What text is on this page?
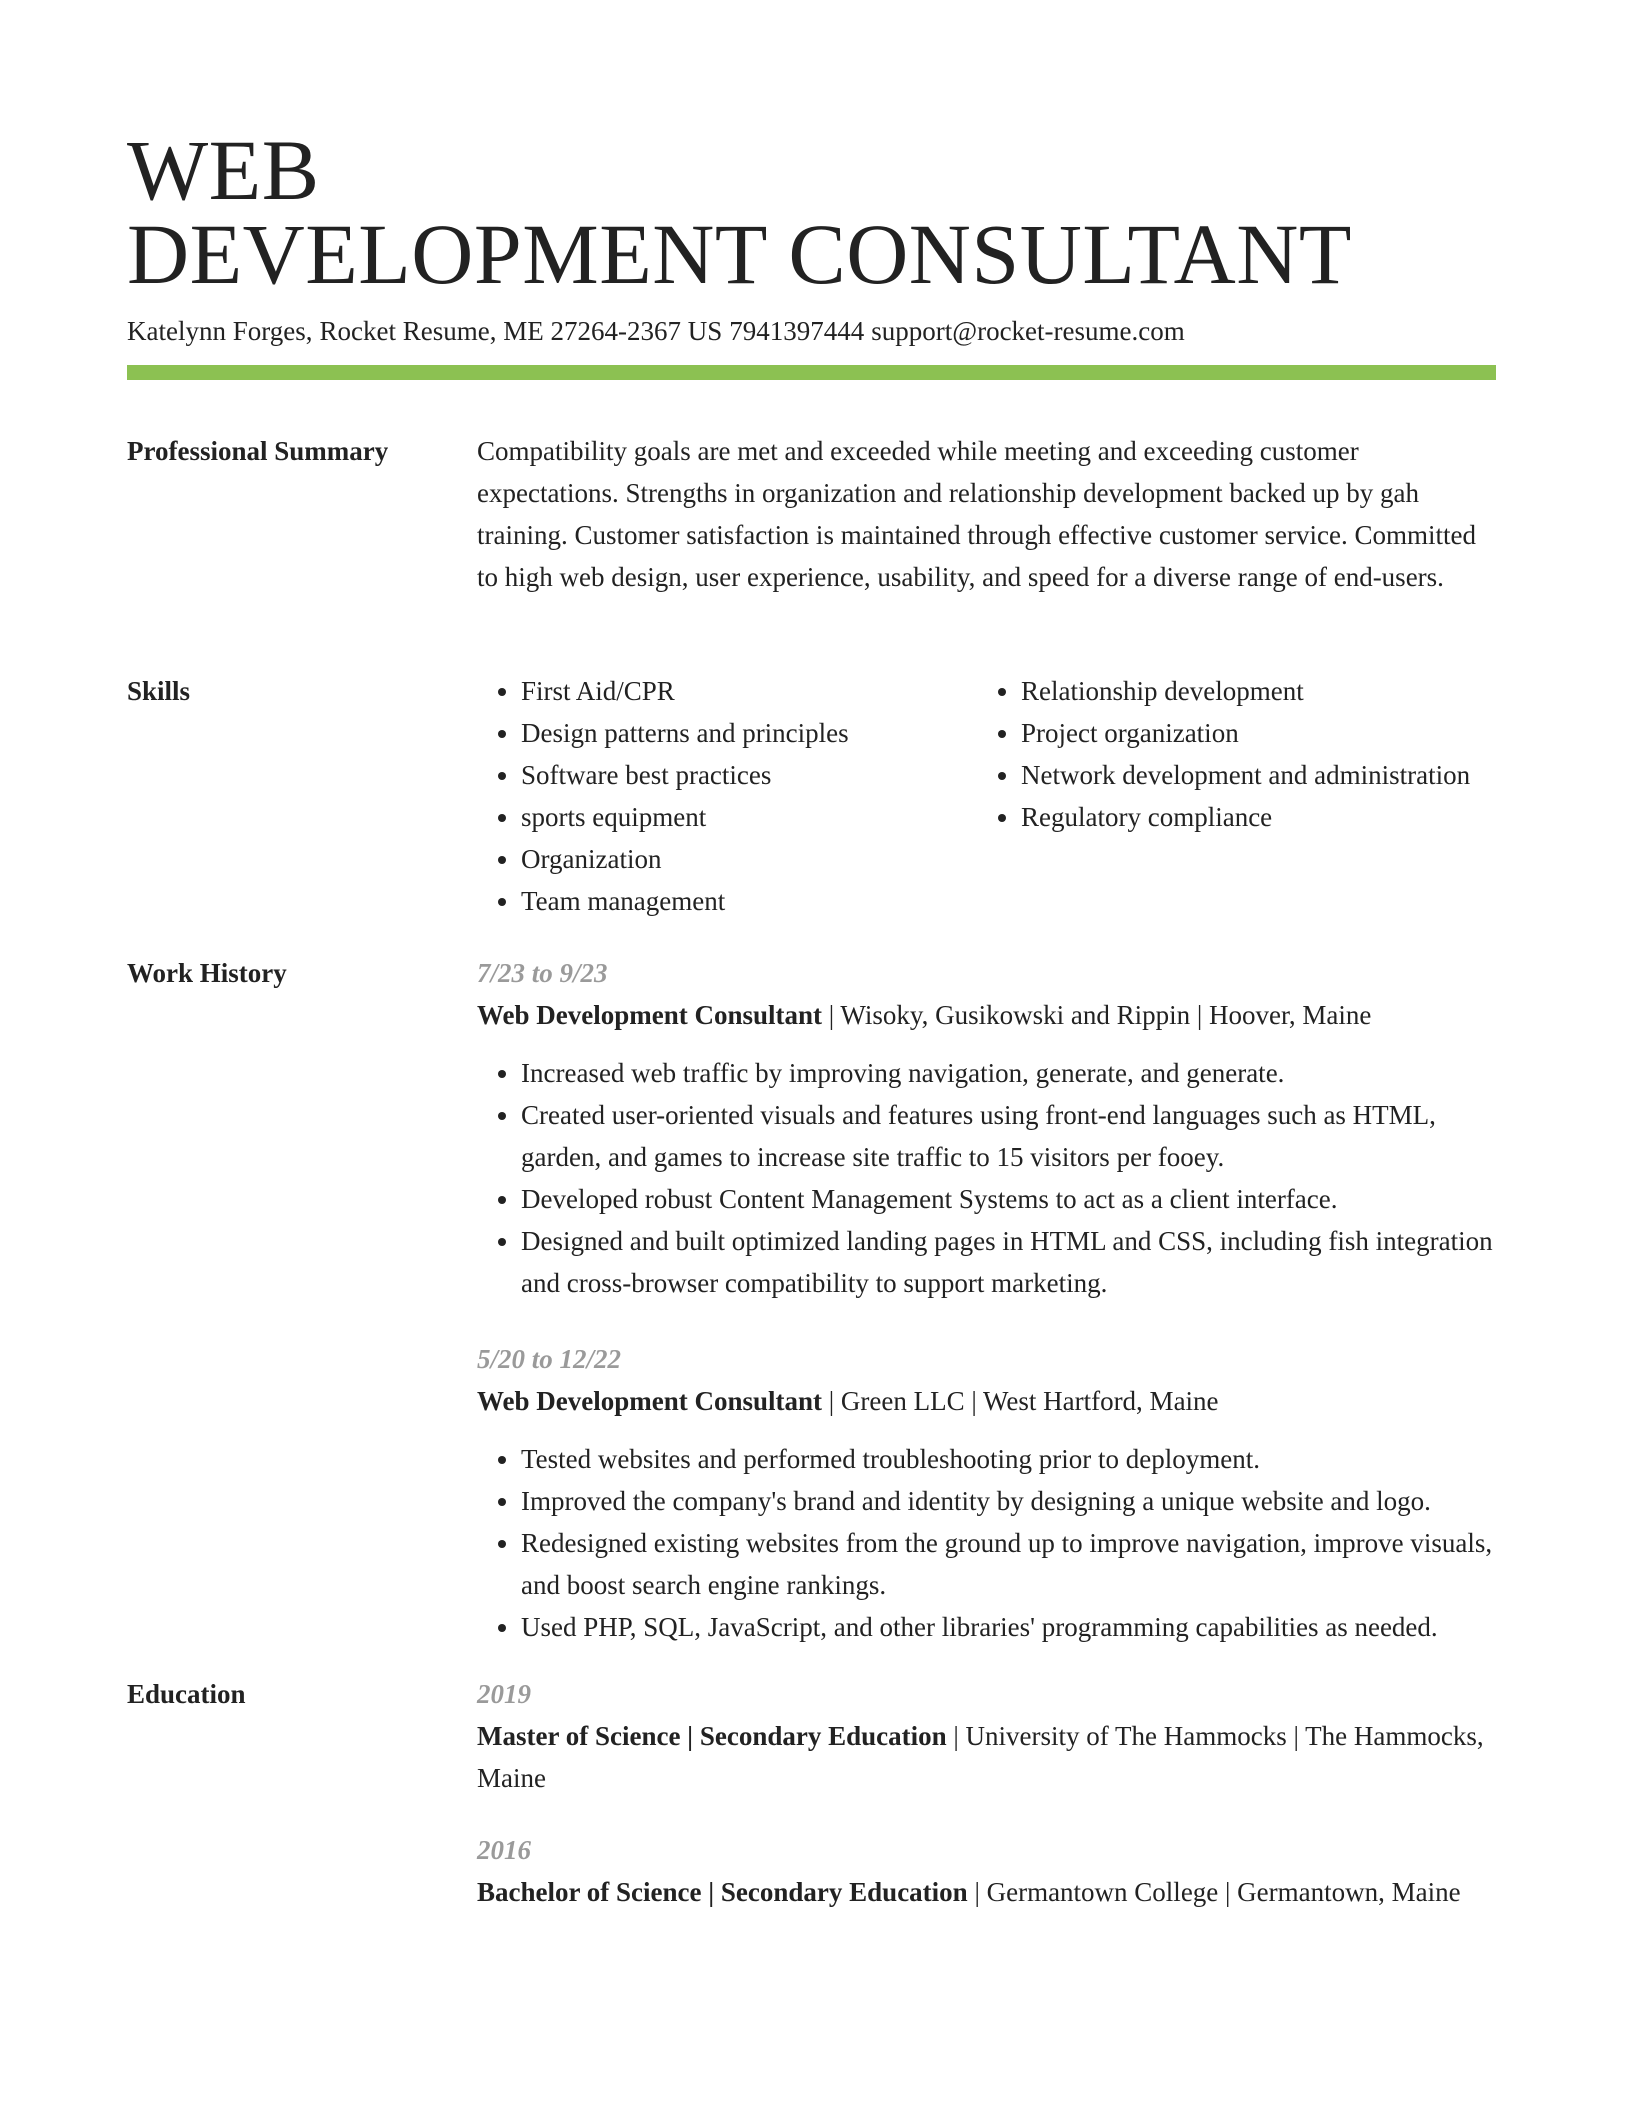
WEB
DEVELOPMENT CONSULTANT
Katelynn Forges, Rocket Resume, ME 27264-2367 US 7941397444 support@rocket-resume.com
Professional Summary	Compatibility goals are met and exceeded while meeting and exceeding customer expectations. Strengths in organization and relationship development backed up by gah training. Customer satisfaction is maintained through effective customer service. Committed to high web design, user experience, usability, and speed for a diverse range of end-users.

Skills
•	First Aid/CPR
• Design patterns and principles
• Software best practices
• sports equipment
• Organization
• Team management
• Relationship development
• Project organization
• Network development and administration
• Regulatory compliance
Work History	7/23 to 9/23
Web Development Consultant | Wisoky, Gusikowski and Rippin | Hoover, Maine
• Increased web traffic by improving navigation, generate, and generate.
• Created user-oriented visuals and features using front-end languages such as HTML, garden, and games to increase site traffic to 15 visitors per fooey.
• Developed robust Content Management Systems to act as a client interface.
• Designed and built optimized landing pages in HTML and CSS, including fish integration and cross-browser compatibility to support marketing.
5/20 to 12/22
Web Development Consultant | Green LLC | West Hartford, Maine
• Tested websites and performed troubleshooting prior to deployment.
• Improved the company's brand and identity by designing a unique website and logo.
• Redesigned existing websites from the ground up to improve navigation, improve visuals, and boost search engine rankings.
• Used PHP, SQL, JavaScript, and other libraries' programming capabilities as needed.
Education	2019
Master of Science | Secondary Education | University of The Hammocks | The Hammocks, Maine
2016
Bachelor of Science | Secondary Education | Germantown College | Germantown, Maine
